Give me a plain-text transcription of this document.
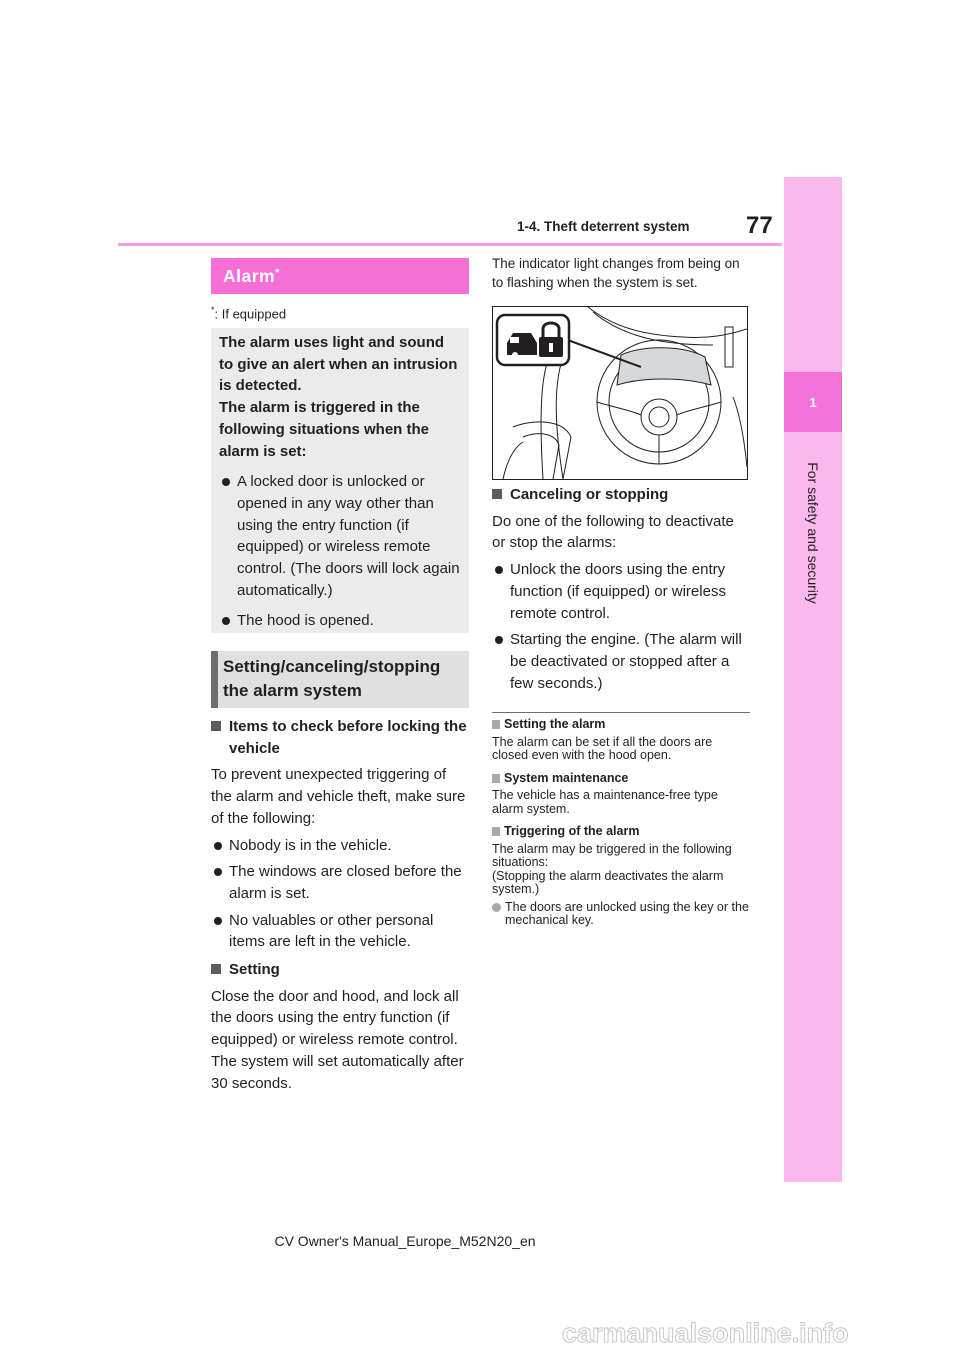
1-4. Theft deterrent system 77
1
For safety and security
Alarm*
*: If equipped
The alarm uses light and sound to give an alert when an intrusion is detected.
The alarm is triggered in the following situations when the alarm is set:
A locked door is unlocked or opened in any way other than using the entry function (if equipped) or wireless remote control. (The doors will lock again automatically.)
The hood is opened.
Setting/canceling/stopping the alarm system
Items to check before locking the vehicle
To prevent unexpected triggering of the alarm and vehicle theft, make sure of the following:
Nobody is in the vehicle.
The windows are closed before the alarm is set.
No valuables or other personal items are left in the vehicle.
Setting
Close the door and hood, and lock all the doors using the entry function (if equipped) or wireless remote control. The system will set automatically after 30 seconds.
The indicator light changes from being on to flashing when the system is set.
Canceling or stopping
Do one of the following to deactivate or stop the alarms:
Unlock the doors using the entry function (if equipped) or wireless remote control.
Starting the engine. (The alarm will be deactivated or stopped after a few seconds.)
Setting the alarm
The alarm can be set if all the doors are closed even with the hood open.
System maintenance
The vehicle has a maintenance-free type alarm system.
Triggering of the alarm
The alarm may be triggered in the following situations:
(Stopping the alarm deactivates the alarm system.)
The doors are unlocked using the key or the mechanical key.
CV Owner's Manual_Europe_M52N20_en
carmanualsonline.info
